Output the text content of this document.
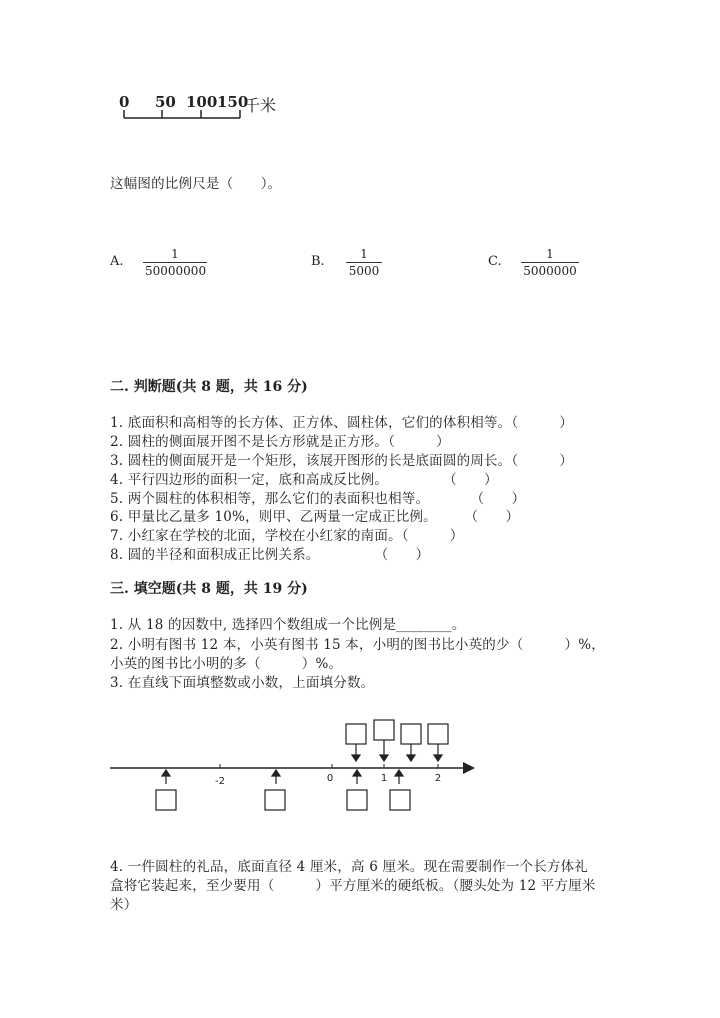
0 50 100 150
千米
这幅图的比例尺是（　　）。
A. $\frac{1}{50000000}$	B. $\frac{1}{5000}$	C. $\frac{1}{5000000}$
二. 判断题(共 8 题，共 16 分)
1. 底面积和高相等的长方体、正方体、圆柱体，它们的体积相等。（　　　）
2. 圆柱的侧面展开图不是长方形就是正方形。（　　　）
3. 圆柱的侧面展开是一个矩形，该展开图形的长是底面圆的周长。（　　　）
4. 平行四边形的面积一定，底和高成反比例。　　　　　（　　）
5. 两个圆柱的体积相等，那么它们的表面积也相等。　　　　（　　）
6. 甲量比乙量多 10%，则甲、乙两量一定成正比例。　　　（　　）
7. 小红家在学校的北面，学校在小红家的南面。（　　　）
8. 圆的半径和面积成正比例关系。　　　　　（　　）
三. 填空题(共 8 题，共 19 分)
1. 从 18 的因数中, 选择四个数组成一个比例是________。
2. 小明有图书 12 本，小英有图书 15 本，小明的图书比小英的少（　　　）%，
小英的图书比小明的多（　　　）%。
3. 在直线下面填整数或小数，上面填分数。
-2	0	1	2
4. 一件圆柱的礼品，底面直径 4 厘米，高 6 厘米。现在需要制作一个长方体礼
盒将它装起来，至少要用（　　　）平方厘米的硬纸板。（腰头处为 12 平方厘米
米）
